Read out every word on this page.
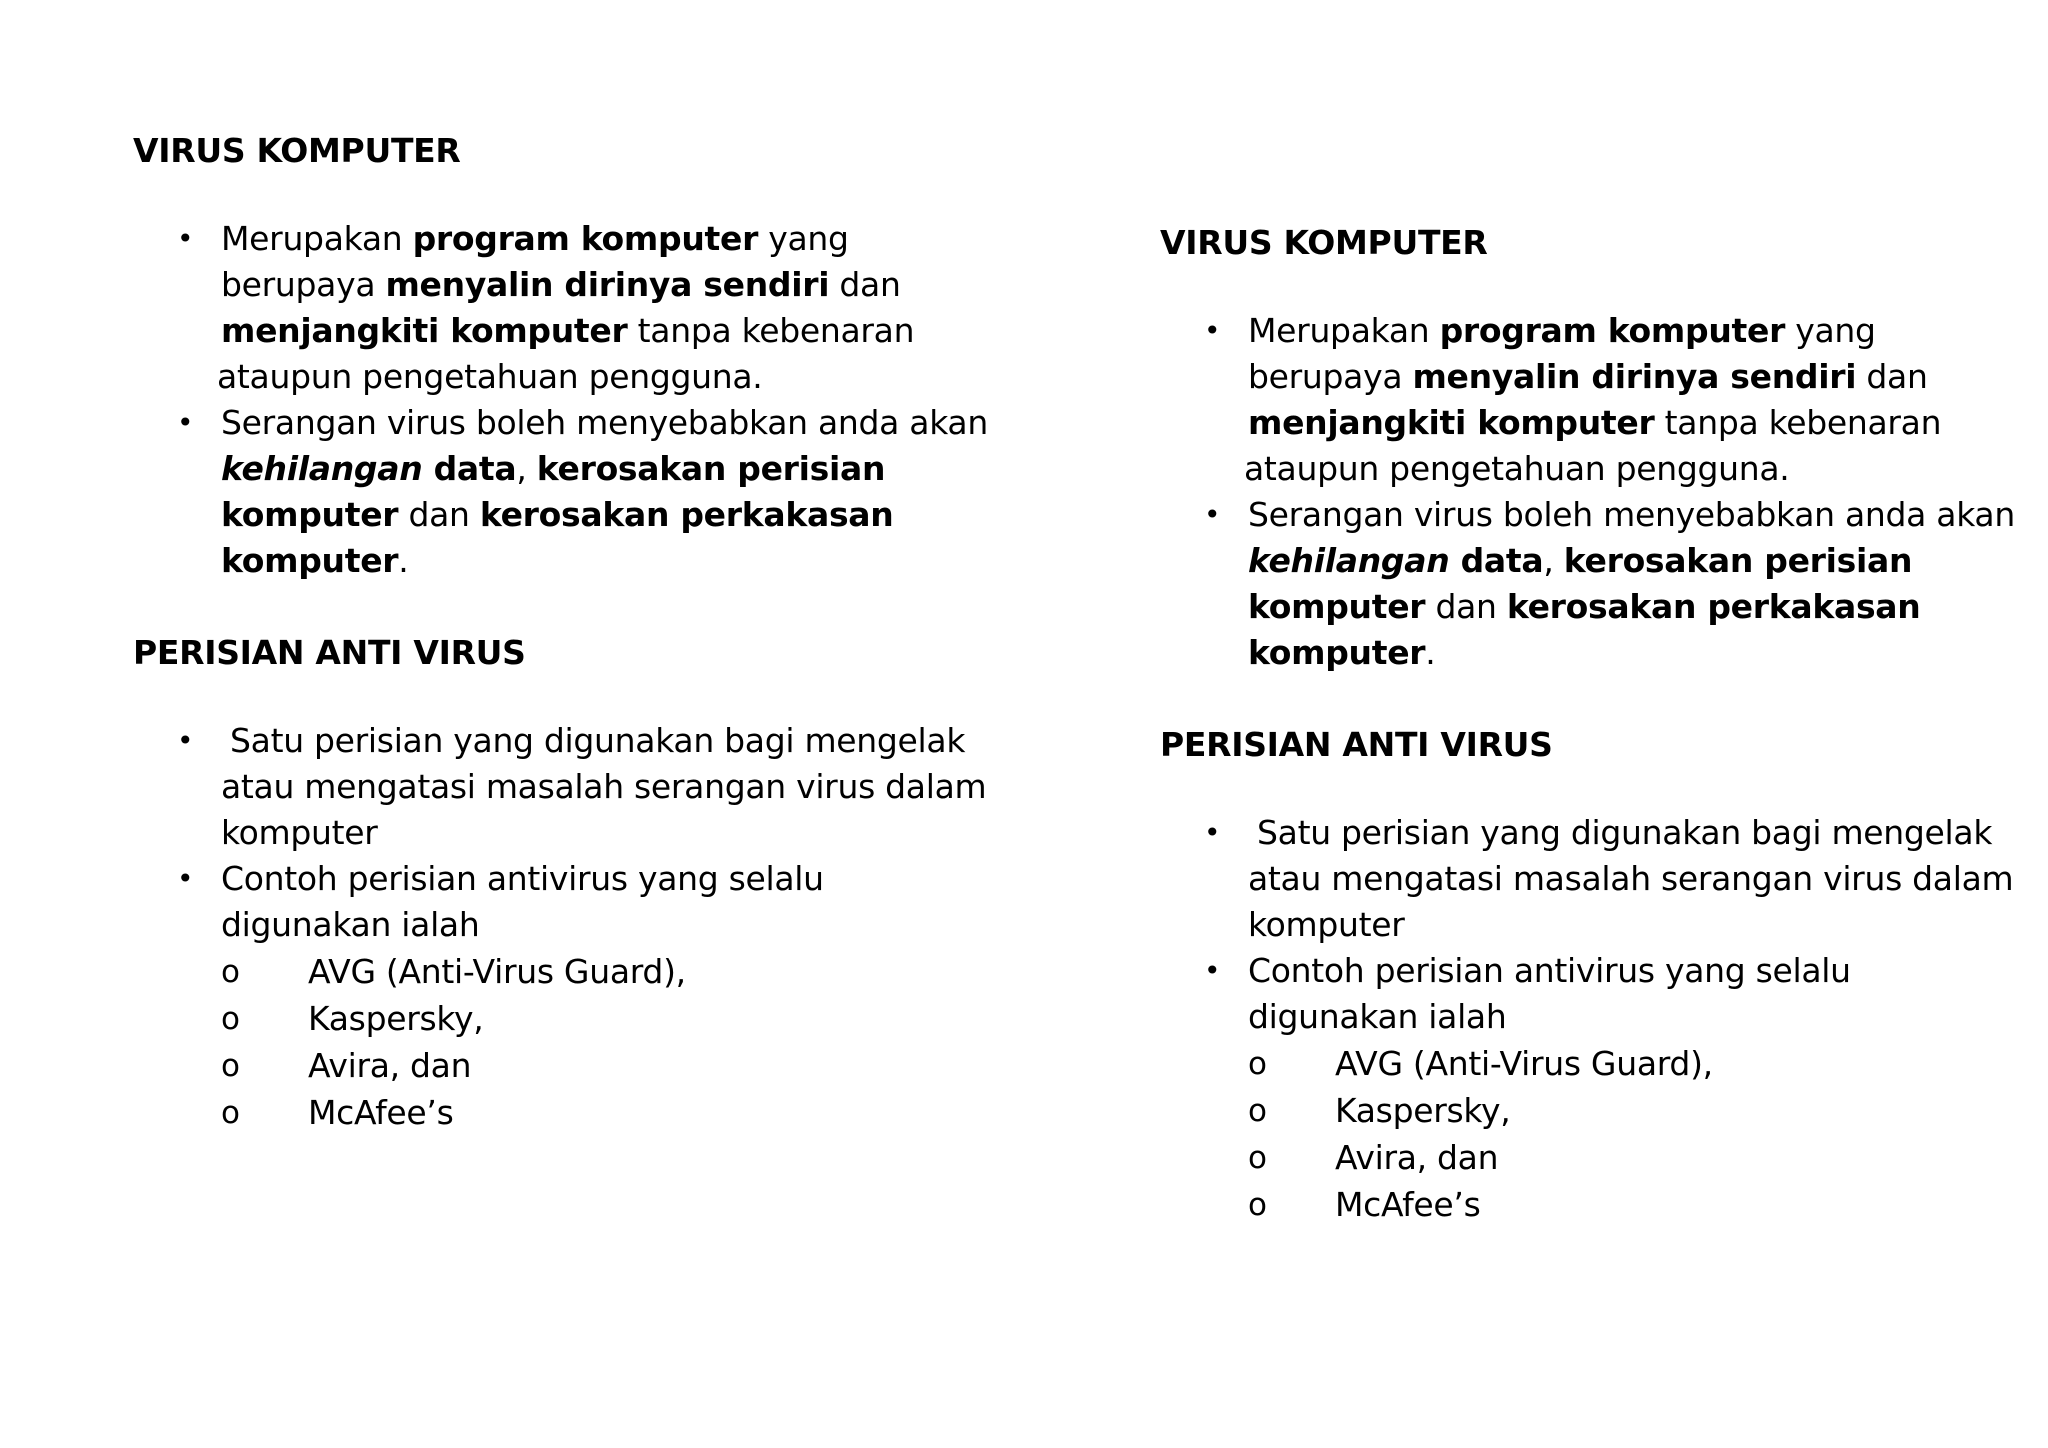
VIRUS KOMPUTER
• Merupakan program komputer yang
berupaya menyalin dirinya sendiri dan
menjangkiti komputer tanpa kebenaran
ataupun pengetahuan pengguna.
• Serangan virus boleh menyebabkan anda akan
kehilangan data, kerosakan perisian
komputer dan kerosakan perkakasan
komputer.
PERISIAN ANTI VIRUS
• Satu perisian yang digunakan bagi mengelak
atau mengatasi masalah serangan virus dalam
komputer
• Contoh perisian antivirus yang selalu
digunakan ialah
o AVG (Anti-Virus Guard),
o Kaspersky,
o Avira, dan
o McAfee’s
VIRUS KOMPUTER
• Merupakan program komputer yang
berupaya menyalin dirinya sendiri dan
menjangkiti komputer tanpa kebenaran
ataupun pengetahuan pengguna.
• Serangan virus boleh menyebabkan anda akan
kehilangan data, kerosakan perisian
komputer dan kerosakan perkakasan
komputer.
PERISIAN ANTI VIRUS
• Satu perisian yang digunakan bagi mengelak
atau mengatasi masalah serangan virus dalam
komputer
• Contoh perisian antivirus yang selalu
digunakan ialah
o AVG (Anti-Virus Guard),
o Kaspersky,
o Avira, dan
o McAfee’s
